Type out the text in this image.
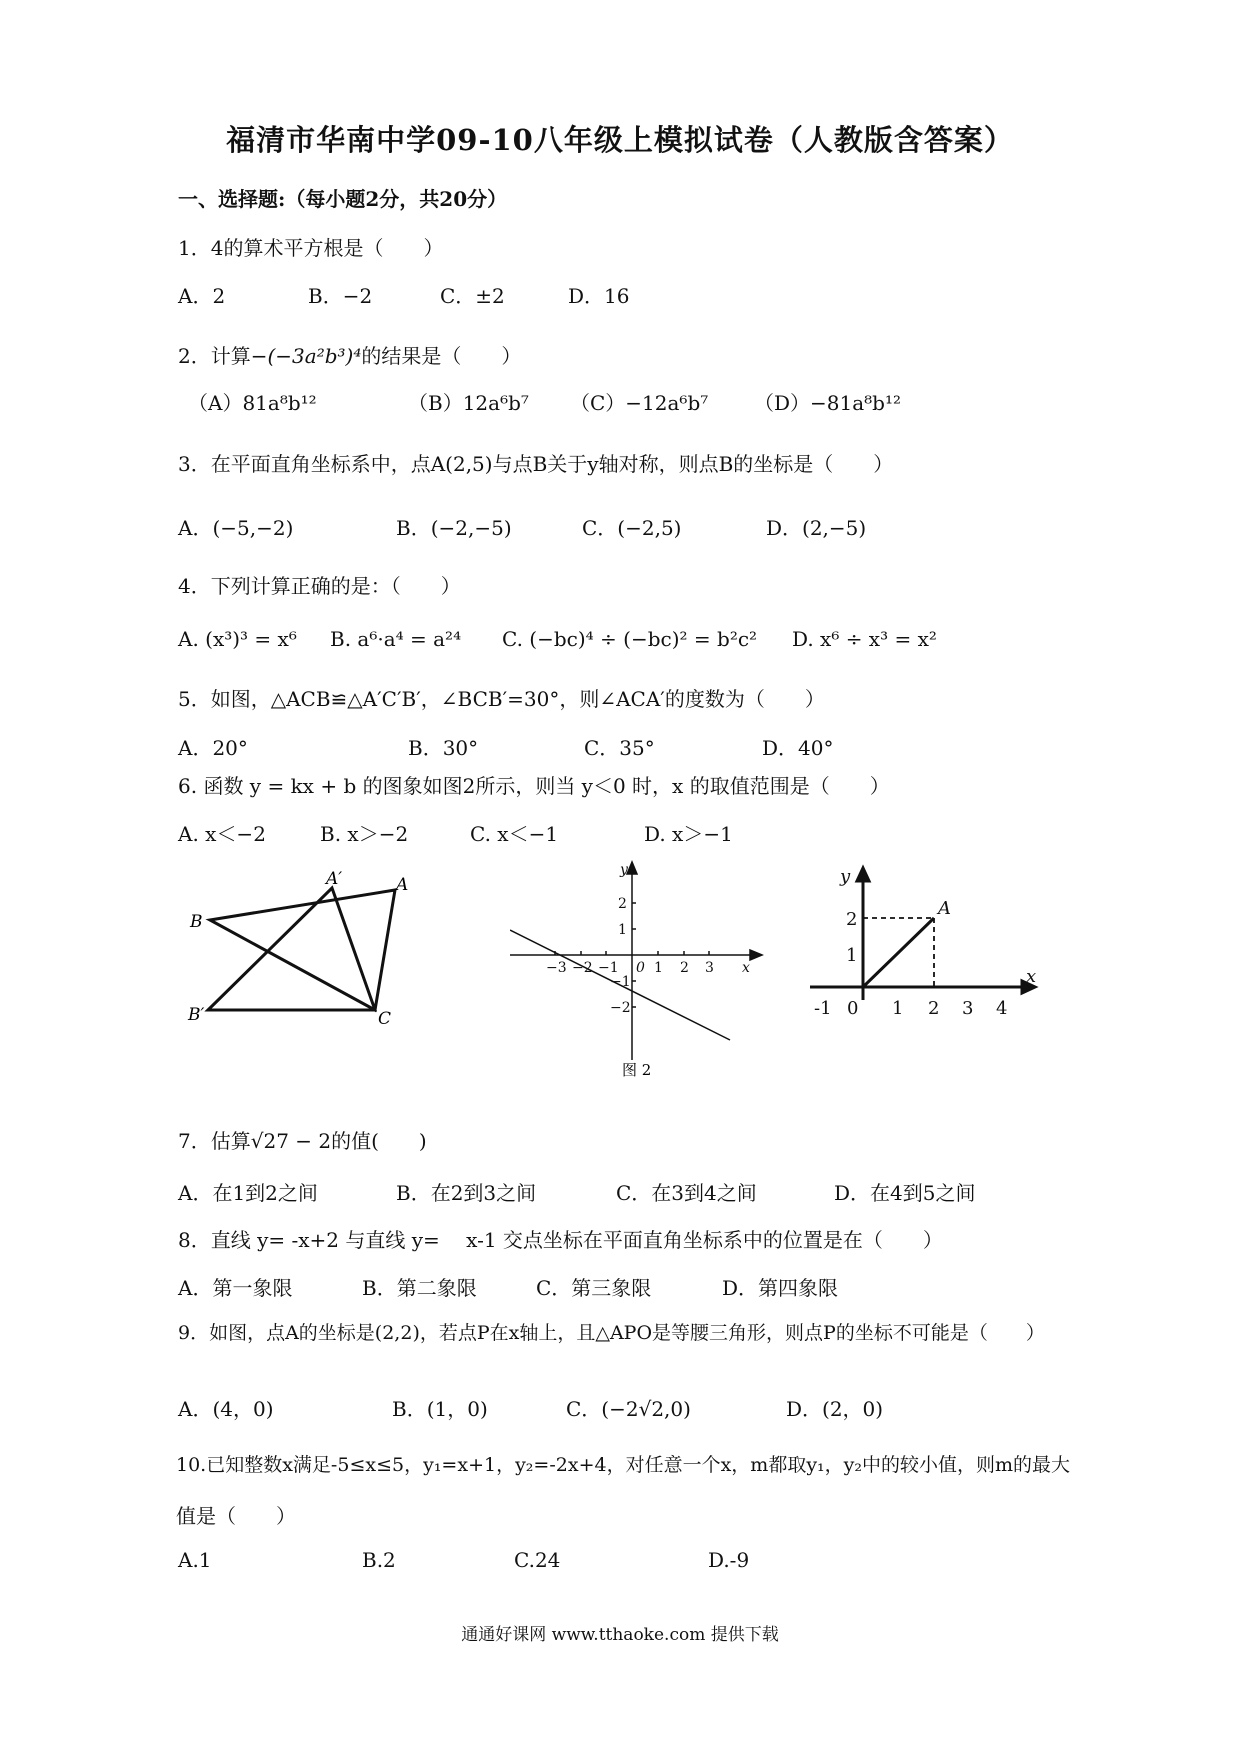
福清市华南中学09-10八年级上模拟试卷（人教版含答案）
一、选择题:（每小题2分，共20分）
1．4的算术平方根是（　　）
A．2	B．−2	C．±2	D．16
2．计算−(−3a²b³)⁴的结果是（　　）
（A）81a⁸b¹²	（B）12a⁶b⁷ （C）−12a⁶b⁷ （D）−81a⁸b¹²
3．在平面直角坐标系中，点A(2,5)与点B关于y轴对称，则点B的坐标是（　　）
A．(−5,−2)	B．(−2,−5)	C．(−2,5)	D．(2,−5)
4．下列计算正确的是：（　　）
A. (x³)³ = x⁶ B. a⁶·a⁴ = a²⁴ C. (−bc)⁴ ÷ (−bc)² = b²c² D. x⁶ ÷ x³ = x²
5．如图，△ACB≌△A′C′B′，∠BCB′=30°，则∠ACA′的度数为（　　）
A．20°	B．30°	C．35°	D．40°
6. 函数 y = kx + b 的图象如图2所示，则当 y＜0 时，x 的取值范围是（　　）
A. x＜−2	B. x＞−2	C. x＜−1	D. x＞−1
A
A′
B
B′	C
−3 −2 −1	1 2 3
2
1
−1
−2
0	x
y
图 2
-1	1 2 3 4
1
2
0
x
y
A
7．估算√27 − 2的值(　　)
A．在1到2之间	B．在2到3之间	C．在3到4之间	D．在4到5之间
8．直线 y= -x+2 与直线 y=　 x-1 交点坐标在平面直角坐标系中的位置是在（　　）
A．第一象限	B．第二象限	C．第三象限	D．第四象限
9．如图，点A的坐标是(2,2)，若点P在x轴上，且△APO是等腰三角形，则点P的坐标不可能是（　　）
A．(4，0)	B．(1，0)	C．(−2√2,0)	D．(2，0)
10.已知整数x满足-5≤x≤5，y₁=x+1，y₂=-2x+4，对任意一个x，m都取y₁，y₂中的较小值，则m的最大
值是（　　）
A.1	B.2	C.24	D.-9
通通好课网 www.tthaoke.com 提供下载
